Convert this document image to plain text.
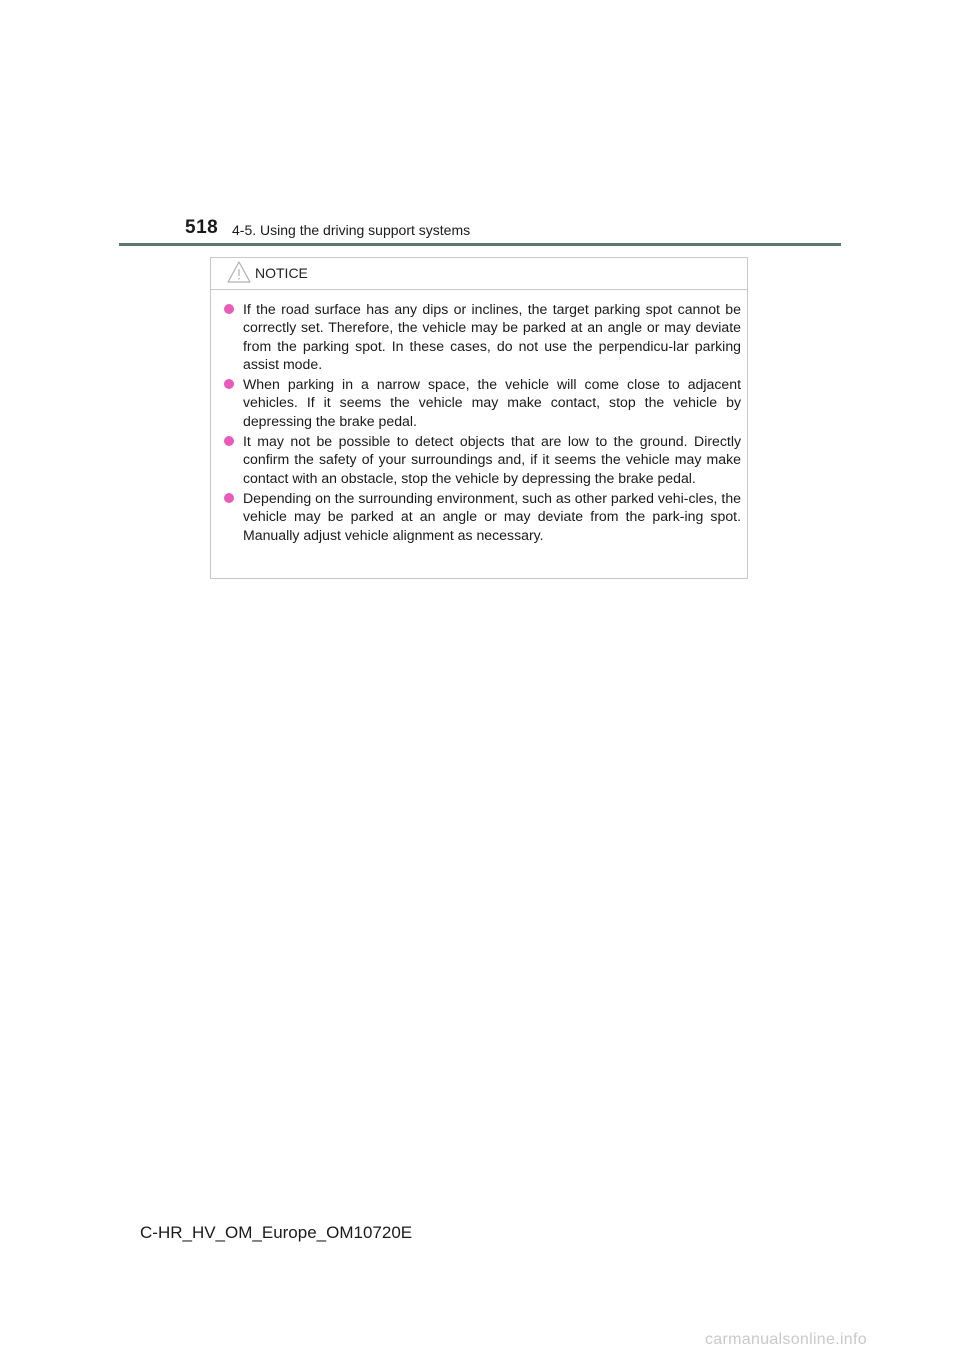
518 4-5. Using the driving support systems
NOTICE
If the road surface has any dips or inclines, the target parking spot cannot be correctly set. Therefore, the vehicle may be parked at an angle or may deviate from the parking spot. In these cases, do not use the perpendicu-lar parking assist mode.
When parking in a narrow space, the vehicle will come close to adjacent vehicles. If it seems the vehicle may make contact, stop the vehicle by depressing the brake pedal.
It may not be possible to detect objects that are low to the ground. Directly confirm the safety of your surroundings and, if it seems the vehicle may make contact with an obstacle, stop the vehicle by depressing the brake pedal.
Depending on the surrounding environment, such as other parked vehi-cles, the vehicle may be parked at an angle or may deviate from the park-ing spot. Manually adjust vehicle alignment as necessary.
C-HR_HV_OM_Europe_OM10720E
carmanualsonline.info
